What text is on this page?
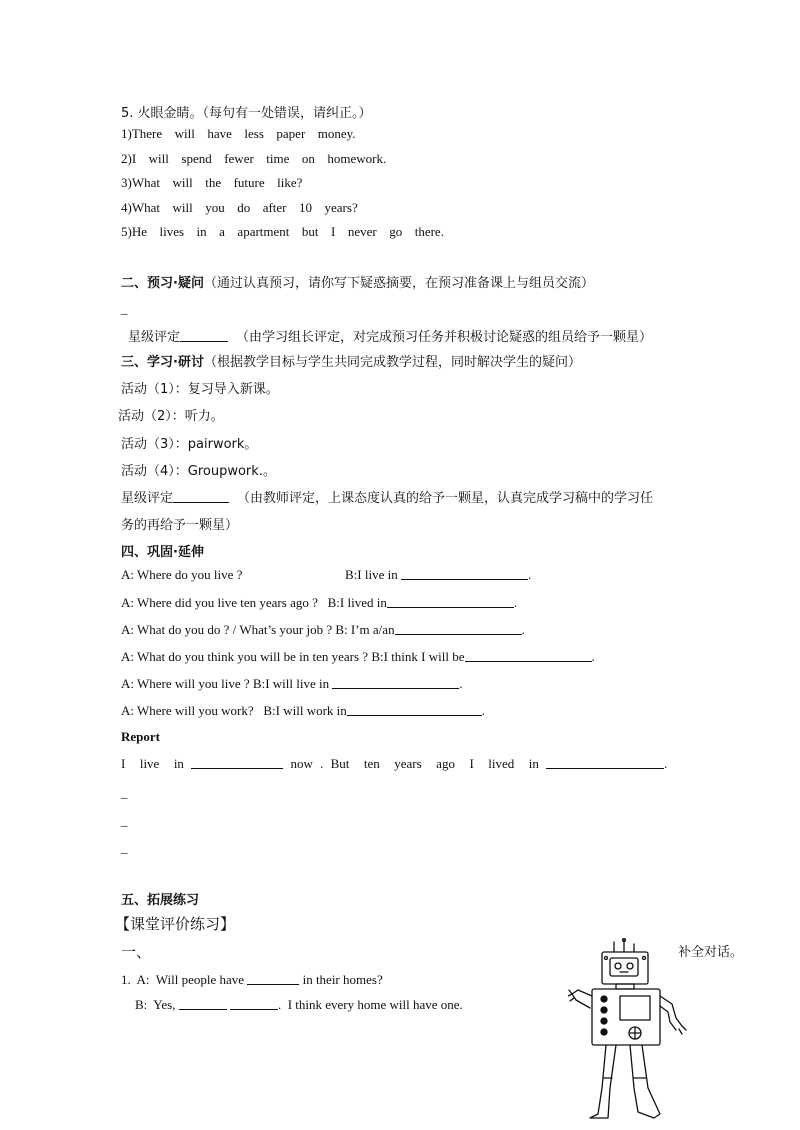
5. 火眼金睛。（每句有一处错误，请纠正。）
1)There  will  have  less  paper  money.
2)I  will  spend  fewer  time  on  homework.
3)What  will  the  future  like?
4)What  will  you  do  after  10  years?
5)He  lives  in  a  apartment  but  I  never  go  there.
二、预习·疑问（通过认真预习，请你写下疑惑摘要，在预习准备课上与组员交流）
_
星级评定	（由学习组长评定，对完成预习任务并积极讨论疑惑的组员给予一颗星）
三、学习·研讨（根据教学目标与学生共同完成教学过程，同时解决学生的疑问）
活动（1）：复习导入新课。
活动（2）：听力。
活动（3）：pairwork。
活动（4）：Groupwork.。
星级评定	（由教师评定，上课态度认真的给予一颗星，认真完成学习稿中的学习任
务的再给予一颗星）
四、巩固·延伸
A: Where do you live ?	B:I live in	.
A: Where did you live ten years ago ? B:I lived in	.
A: What do you do ? / What’s your job ? B: I’m a/an	.
A: What do you think you will be in ten years ? B:I think I will be	.
A: Where will you live ? B:I will live in	.
A: Where will you work? B:I will work in	.
Report
I  live  in	now . But  ten  years  ago  I  lived  in	.
_
_
_
五、拓展练习
【课堂评价练习】
一、	补全对话。
1.  A:  Will people have	in their homes?
B:  Yes,	.  I think every home will have one.
